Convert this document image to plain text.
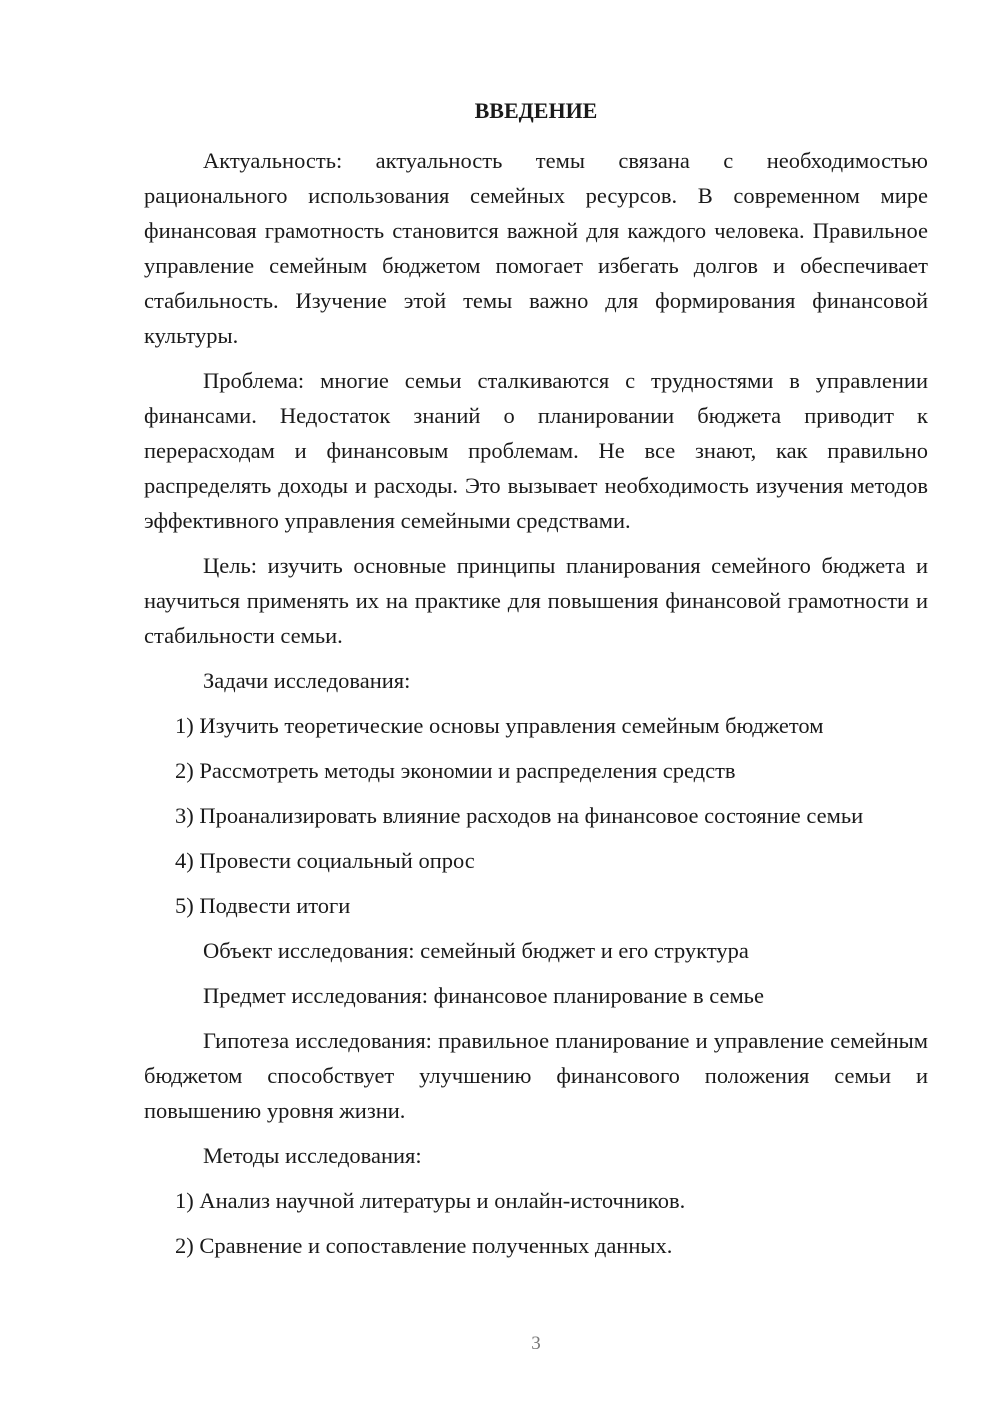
ВВЕДЕНИЕ

Актуальность: актуальность темы связана с необходимостью рационального использования семейных ресурсов. В современном мире финансовая грамотность становится важной для каждого человека. Правильное управление семейным бюджетом помогает избегать долгов и обеспечивает стабильность. Изучение этой темы важно для формирования финансовой культуры.

Проблема: многие семьи сталкиваются с трудностями в управлении финансами. Недостаток знаний о планировании бюджета приводит к перерасходам и финансовым проблемам. Не все знают, как правильно распределять доходы и расходы. Это вызывает необходимость изучения методов эффективного управления семейными средствами.

Цель: изучить основные принципы планирования семейного бюджета и научиться применять их на практике для повышения финансовой грамотности и стабильности семьи.

Задачи исследования:

1) Изучить теоретические основы управления семейным бюджетом

2) Рассмотреть методы экономии и распределения средств

3) Проанализировать влияние расходов на финансовое состояние семьи

4) Провести социальный опрос

5) Подвести итоги

Объект исследования: семейный бюджет и его структура

Предмет исследования: финансовое планирование в семье

Гипотеза исследования: правильное планирование и управление семейным бюджетом способствует улучшению финансового положения семьи и повышению уровня жизни.

Методы исследования:

1) Анализ научной литературы и онлайн-источников.

2) Сравнение и сопоставление полученных данных.

3
